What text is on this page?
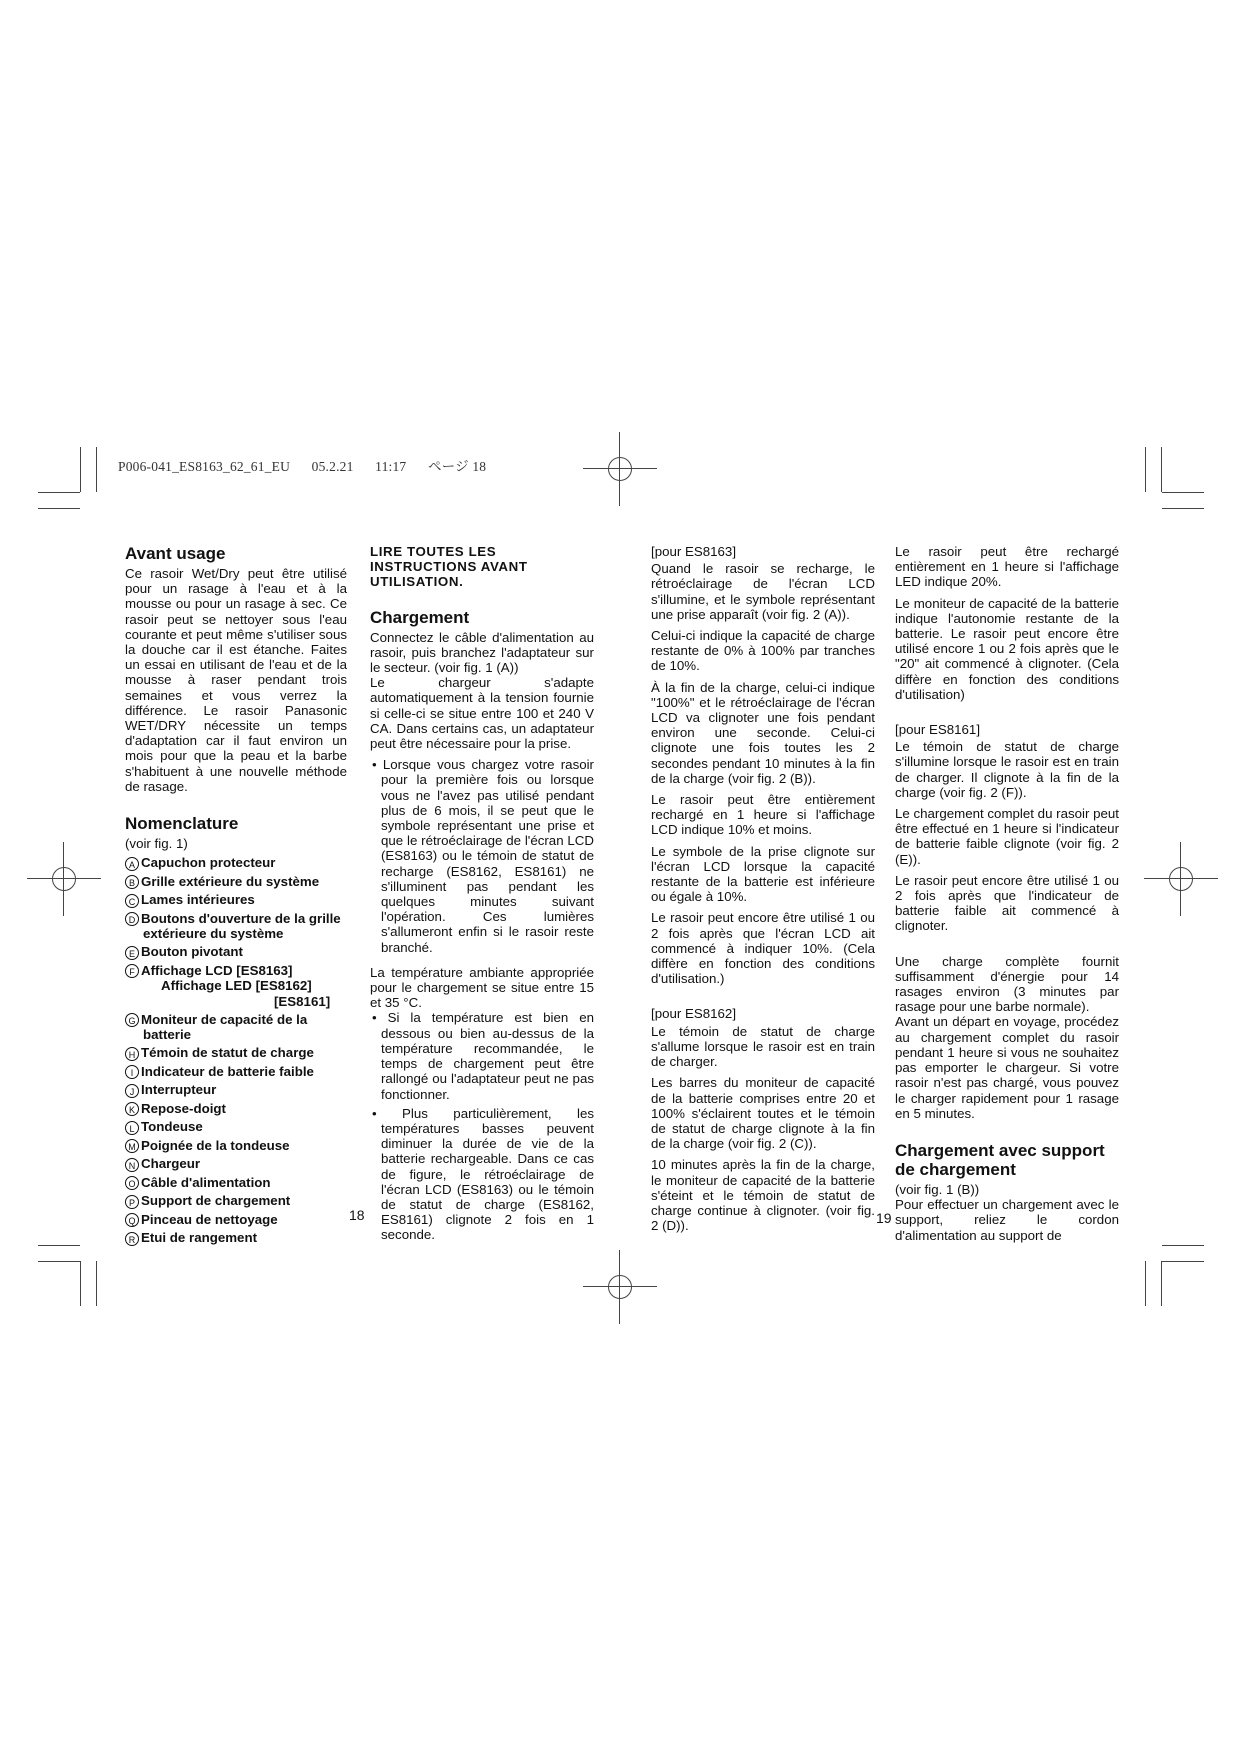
P006-041_ES8163_62_61_EU 05.2.21 11:17 ページ 18
Avant usage

Ce rasoir Wet/Dry peut être utilisé pour un rasage à l'eau et à la mousse ou pour un rasage à sec. Ce rasoir peut se nettoyer sous l'eau courante et peut même s'utiliser sous la douche car il est étanche. Faites un essai en utilisant de l'eau et de la mousse à raser pendant trois semaines et vous verrez la différence. Le rasoir Panasonic WET/DRY nécessite un temps d'adaptation car il faut environ un mois pour que la peau et la barbe s'habituent à une nouvelle méthode de rasage.

Nomenclature

(voir fig. 1)

A Capuchon protecteur
B Grille extérieure du système
C Lames intérieures
D Boutons d'ouverture de la grille extérieure du système
E Bouton pivotant
F Affichage LCD [ES8163]
Affichage LED [ES8162]
[ES8161]
G Moniteur de capacité de la batterie
H Témoin de statut de charge
I Indicateur de batterie faible
J Interrupteur
K Repose-doigt
L Tondeuse
M Poignée de la tondeuse
N Chargeur
O Câble d'alimentation
P Support de chargement
Q Pinceau de nettoyage
R Etui de rangement
18
LIRE TOUTES LES INSTRUCTIONS AVANT UTILISATION.
Chargement

Connectez le câble d'alimentation au rasoir, puis branchez l'adaptateur sur le secteur. (voir fig. 1 (A))

Le chargeur s'adapte automatiquement à la tension fournie si celle-ci se situe entre 100 et 240 V CA. Dans certains cas, un adaptateur peut être nécessaire pour la prise.

• Lorsque vous chargez votre rasoir pour la première fois ou lorsque vous ne l'avez pas utilisé pendant plus de 6 mois, il se peut que le symbole représentant une prise et que le rétroéclairage de l'écran LCD (ES8163) ou le témoin de statut de recharge (ES8162, ES8161) ne s'illuminent pas pendant les quelques minutes suivant l'opération. Ces lumières s'allumeront enfin si le rasoir reste branché.

La température ambiante appropriée pour le chargement se situe entre 15 et 35 °C.

• Si la température est bien en dessous ou bien au-dessus de la température recommandée, le temps de chargement peut être rallongé ou l'adaptateur peut ne pas fonctionner.
• Plus particulièrement, les températures basses peuvent diminuer la durée de vie de la batterie rechargeable. Dans ce cas de figure, le rétroéclairage de l'écran LCD (ES8163) ou le témoin de statut de charge (ES8162, ES8161) clignote 2 fois en 1 seconde.

[pour ES8163]

Quand le rasoir se recharge, le rétroéclairage de l'écran LCD s'illumine, et le symbole représentant une prise apparaît (voir fig. 2 (A)).

Celui-ci indique la capacité de charge restante de 0% à 100% par tranches de 10%.

À la fin de la charge, celui-ci indique "100%" et le rétroéclairage de l'écran LCD va clignoter une fois pendant environ une seconde. Celui-ci clignote une fois toutes les 2 secondes pendant 10 minutes à la fin de la charge (voir fig. 2 (B)).

Le rasoir peut être entièrement rechargé en 1 heure si l'affichage LCD indique 10% et moins.

Le symbole de la prise clignote sur l'écran LCD lorsque la capacité restante de la batterie est inférieure ou égale à 10%.

Le rasoir peut encore être utilisé 1 ou 2 fois après que l'écran LCD ait commencé à indiquer 10%. (Cela diffère en fonction des conditions d'utilisation.)

[pour ES8162]

Le témoin de statut de charge s'allume lorsque le rasoir est en train de charger.

Les barres du moniteur de capacité de la batterie comprises entre 20 et 100% s'éclairent toutes et le témoin de statut de charge clignote à la fin de la charge (voir fig. 2 (C)).

10 minutes après la fin de la charge, le moniteur de capacité de la batterie s'éteint et le témoin de statut de charge continue à clignoter. (voir fig. 2 (D)).	19

Le rasoir peut être rechargé entièrement en 1 heure si l'affichage LED indique 20%.

Le moniteur de capacité de la batterie indique l'autonomie restante de la batterie. Le rasoir peut encore être utilisé encore 1 ou 2 fois après que le "20" ait commencé à clignoter. (Cela diffère en fonction des conditions d'utilisation)

[pour ES8161]

Le témoin de statut de charge s'illumine lorsque le rasoir est en train de charger. Il clignote à la fin de la charge (voir fig. 2 (F)).

Le chargement complet du rasoir peut être effectué en 1 heure si l'indicateur de batterie faible clignote (voir fig. 2 (E)).

Le rasoir peut encore être utilisé 1 ou 2 fois après que l'indicateur de batterie faible ait commencé à clignoter.

Une charge complète fournit suffisamment d'énergie pour 14 rasages environ (3 minutes par rasage pour une barbe normale).

Avant un départ en voyage, procédez au chargement complet du rasoir pendant 1 heure si vous ne souhaitez pas emporter le chargeur. Si votre rasoir n'est pas chargé, vous pouvez le charger rapidement pour 1 rasage en 5 minutes.

Chargement avec support de chargement

(voir fig. 1 (B))

Pour effectuer un chargement avec le support, reliez le cordon d'alimentation au support de
